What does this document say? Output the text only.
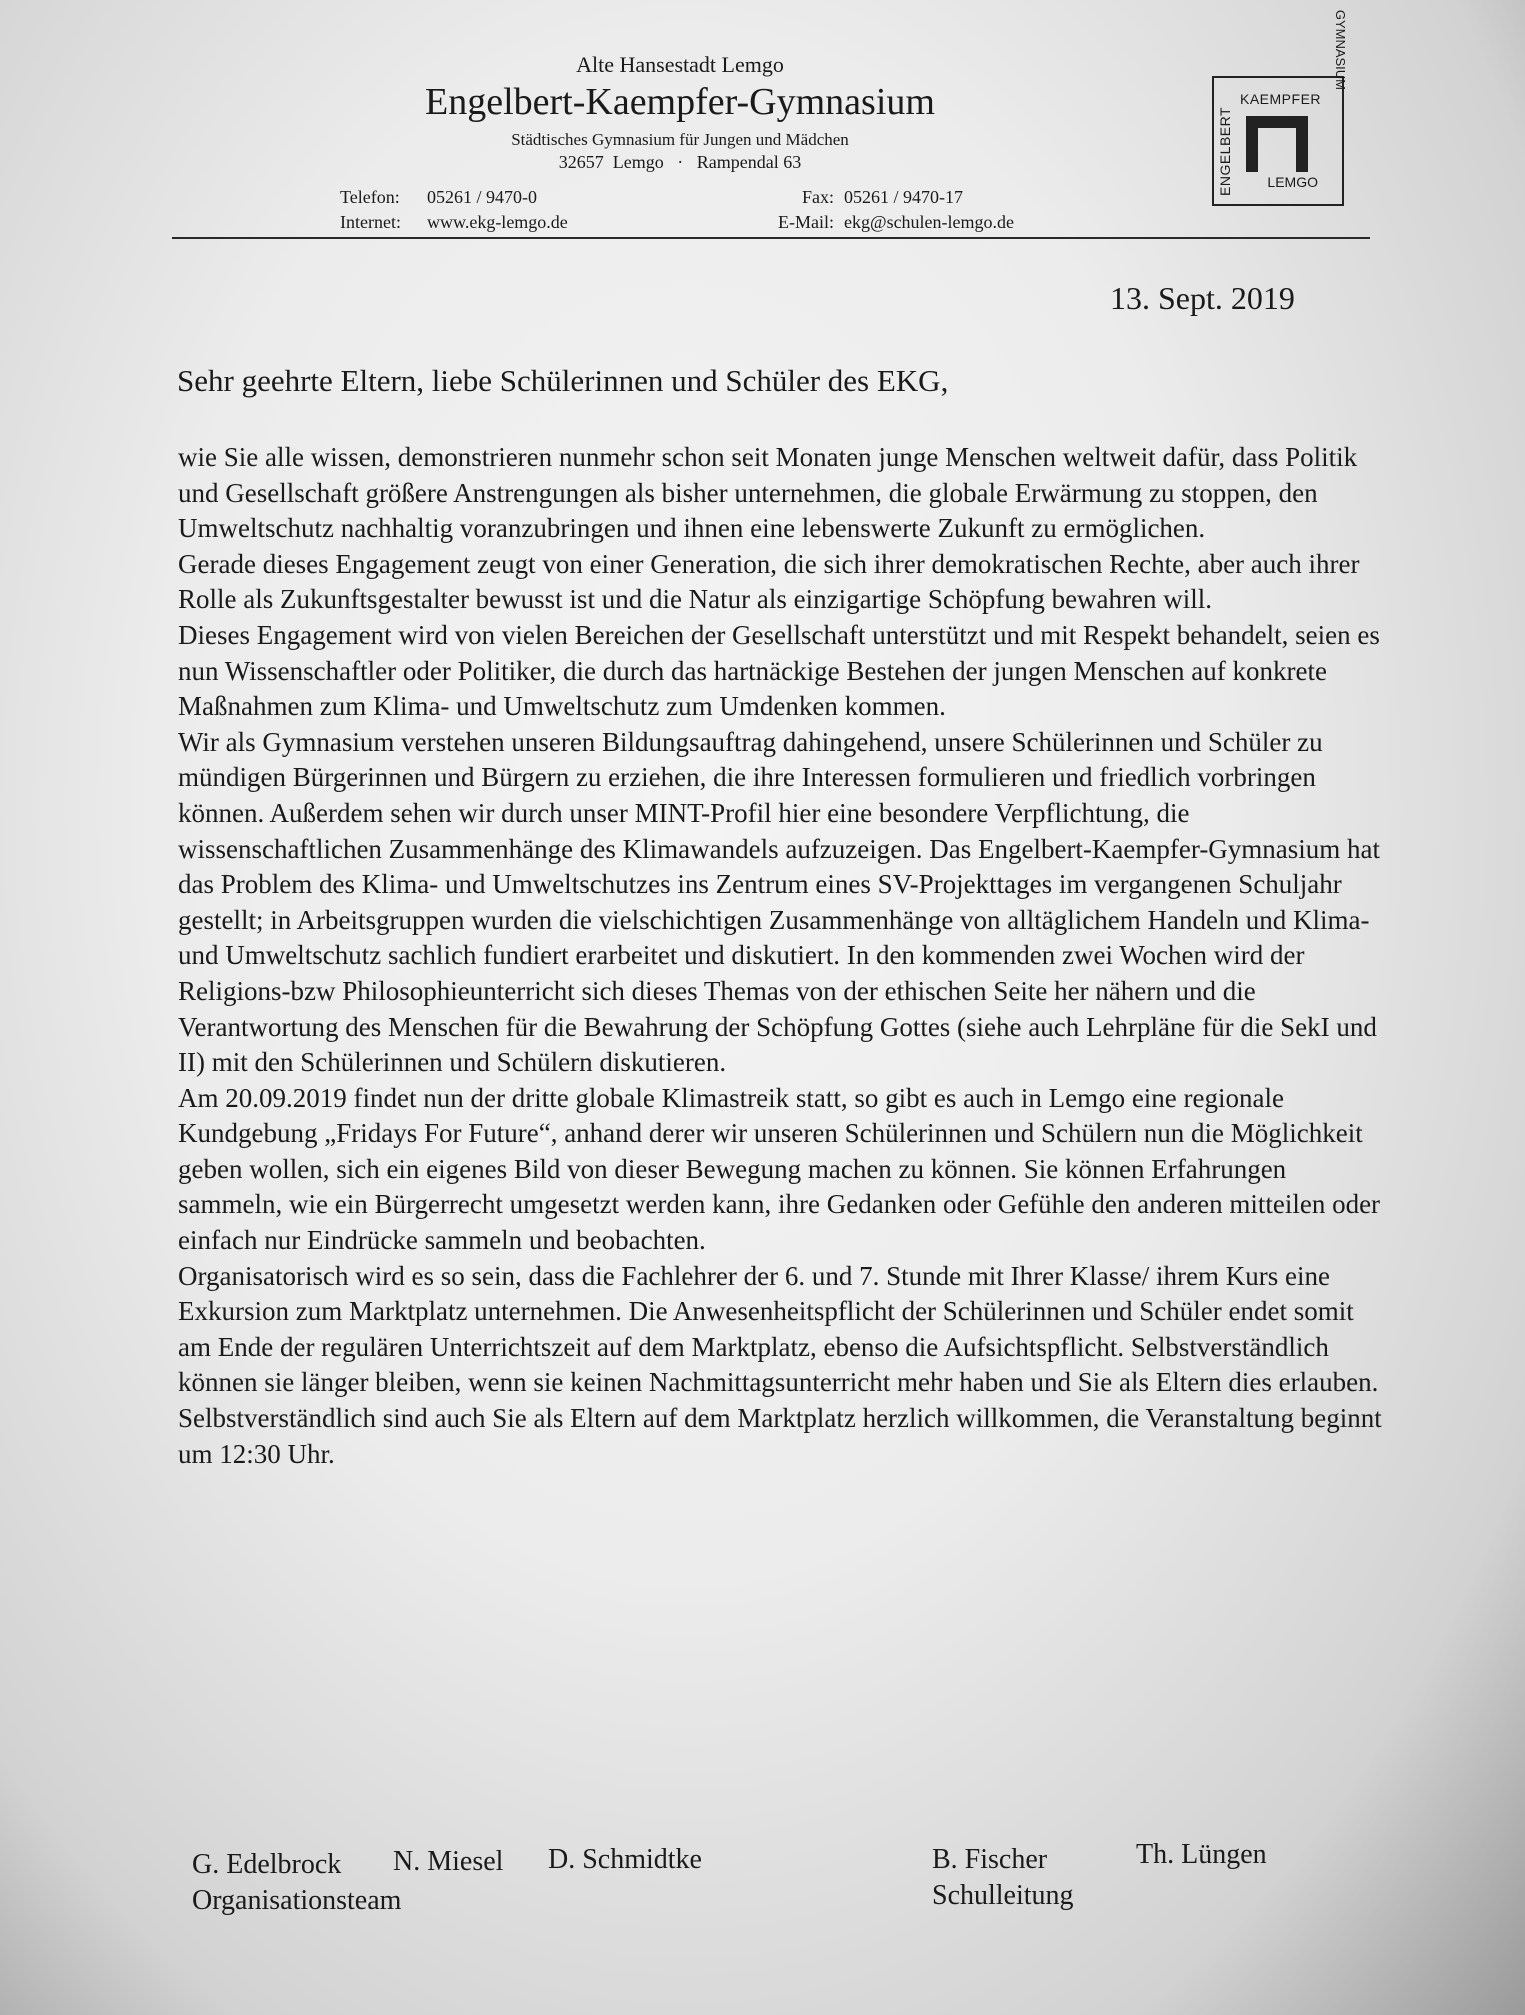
Alte Hansestadt Lemgo
Engelbert-Kaempfer-Gymnasium
Städtisches Gymnasium für Jungen und Mädchen
32657  Lemgo   ·   Rampendal 63
Telefon: 05261 / 9470-0
Internet: www.ekg-lemgo.de
Fax: 05261 / 9470-17
E-Mail: ekg@schulen-lemgo.de
KAEMPFER
ENGELBERT
GYMNASIUM
LEMGO
13. Sept. 2019
Sehr geehrte Eltern, liebe Schülerinnen und Schüler des EKG,

wie Sie alle wissen, demonstrieren nunmehr schon seit Monaten junge Menschen weltweit dafür, dass Politik und Gesellschaft größere Anstrengungen als bisher unternehmen, die globale Erwärmung zu stoppen, den Umweltschutz nachhaltig voranzubringen und ihnen eine lebenswerte Zukunft zu ermöglichen.

Gerade dieses Engagement zeugt von einer Generation, die sich ihrer demokratischen Rechte, aber auch ihrer Rolle als Zukunftsgestalter bewusst ist und die Natur als einzigartige Schöpfung bewahren will.

Dieses Engagement wird von vielen Bereichen der Gesellschaft unterstützt und mit Respekt behandelt, seien es nun Wissenschaftler oder Politiker, die durch das hartnäckige Bestehen der jungen Menschen auf konkrete Maßnahmen zum Klima- und Umweltschutz zum Umdenken kommen.

Wir als Gymnasium verstehen unseren Bildungsauftrag dahingehend, unsere Schülerinnen und Schüler zu mündigen Bürgerinnen und Bürgern zu erziehen, die ihre Interessen formulieren und friedlich vorbringen können. Außerdem sehen wir durch unser MINT-Profil hier eine besondere Verpflichtung, die wissenschaftlichen Zusammenhänge des Klimawandels aufzuzeigen. Das Engelbert-Kaempfer-Gymnasium hat das Problem des Klima- und Umweltschutzes ins Zentrum eines SV-Projekttages im vergangenen Schuljahr gestellt; in Arbeitsgruppen wurden die vielschichtigen Zusammenhänge von alltäglichem Handeln und Klima- und Umweltschutz sachlich fundiert erarbeitet und diskutiert. In den kommenden zwei Wochen wird der Religions-bzw Philosophieunterricht sich dieses Themas von der ethischen Seite her nähern und die Verantwortung des Menschen für die Bewahrung der Schöpfung Gottes (siehe auch Lehrpläne für die SekI und II) mit den Schülerinnen und Schülern diskutieren.

Am 20.09.2019 findet nun der dritte globale Klimastreik statt, so gibt es auch in Lemgo eine regionale Kundgebung „Fridays For Future“, anhand derer wir unseren Schülerinnen und Schülern nun die Möglichkeit geben wollen, sich ein eigenes Bild von dieser Bewegung machen zu können. Sie können Erfahrungen sammeln, wie ein Bürgerrecht umgesetzt werden kann, ihre Gedanken oder Gefühle den anderen mitteilen oder einfach nur Eindrücke sammeln und beobachten.

Organisatorisch wird es so sein, dass die Fachlehrer der 6. und 7. Stunde mit Ihrer Klasse/ ihrem Kurs eine Exkursion zum Marktplatz unternehmen. Die Anwesenheitspflicht der Schülerinnen und Schüler endet somit am Ende der regulären Unterrichtszeit auf dem Marktplatz, ebenso die Aufsichtspflicht. Selbstverständlich können sie länger bleiben, wenn sie keinen Nachmittagsunterricht mehr haben und Sie als Eltern dies erlauben.

Selbstverständlich sind auch Sie als Eltern auf dem Marktplatz herzlich willkommen, die Veranstaltung beginnt um 12:30 Uhr.

G. Edelbrock N. Miesel D. Schmidtke
Organisationsteam
B. Fischer
Schulleitung
Th. Lüngen
